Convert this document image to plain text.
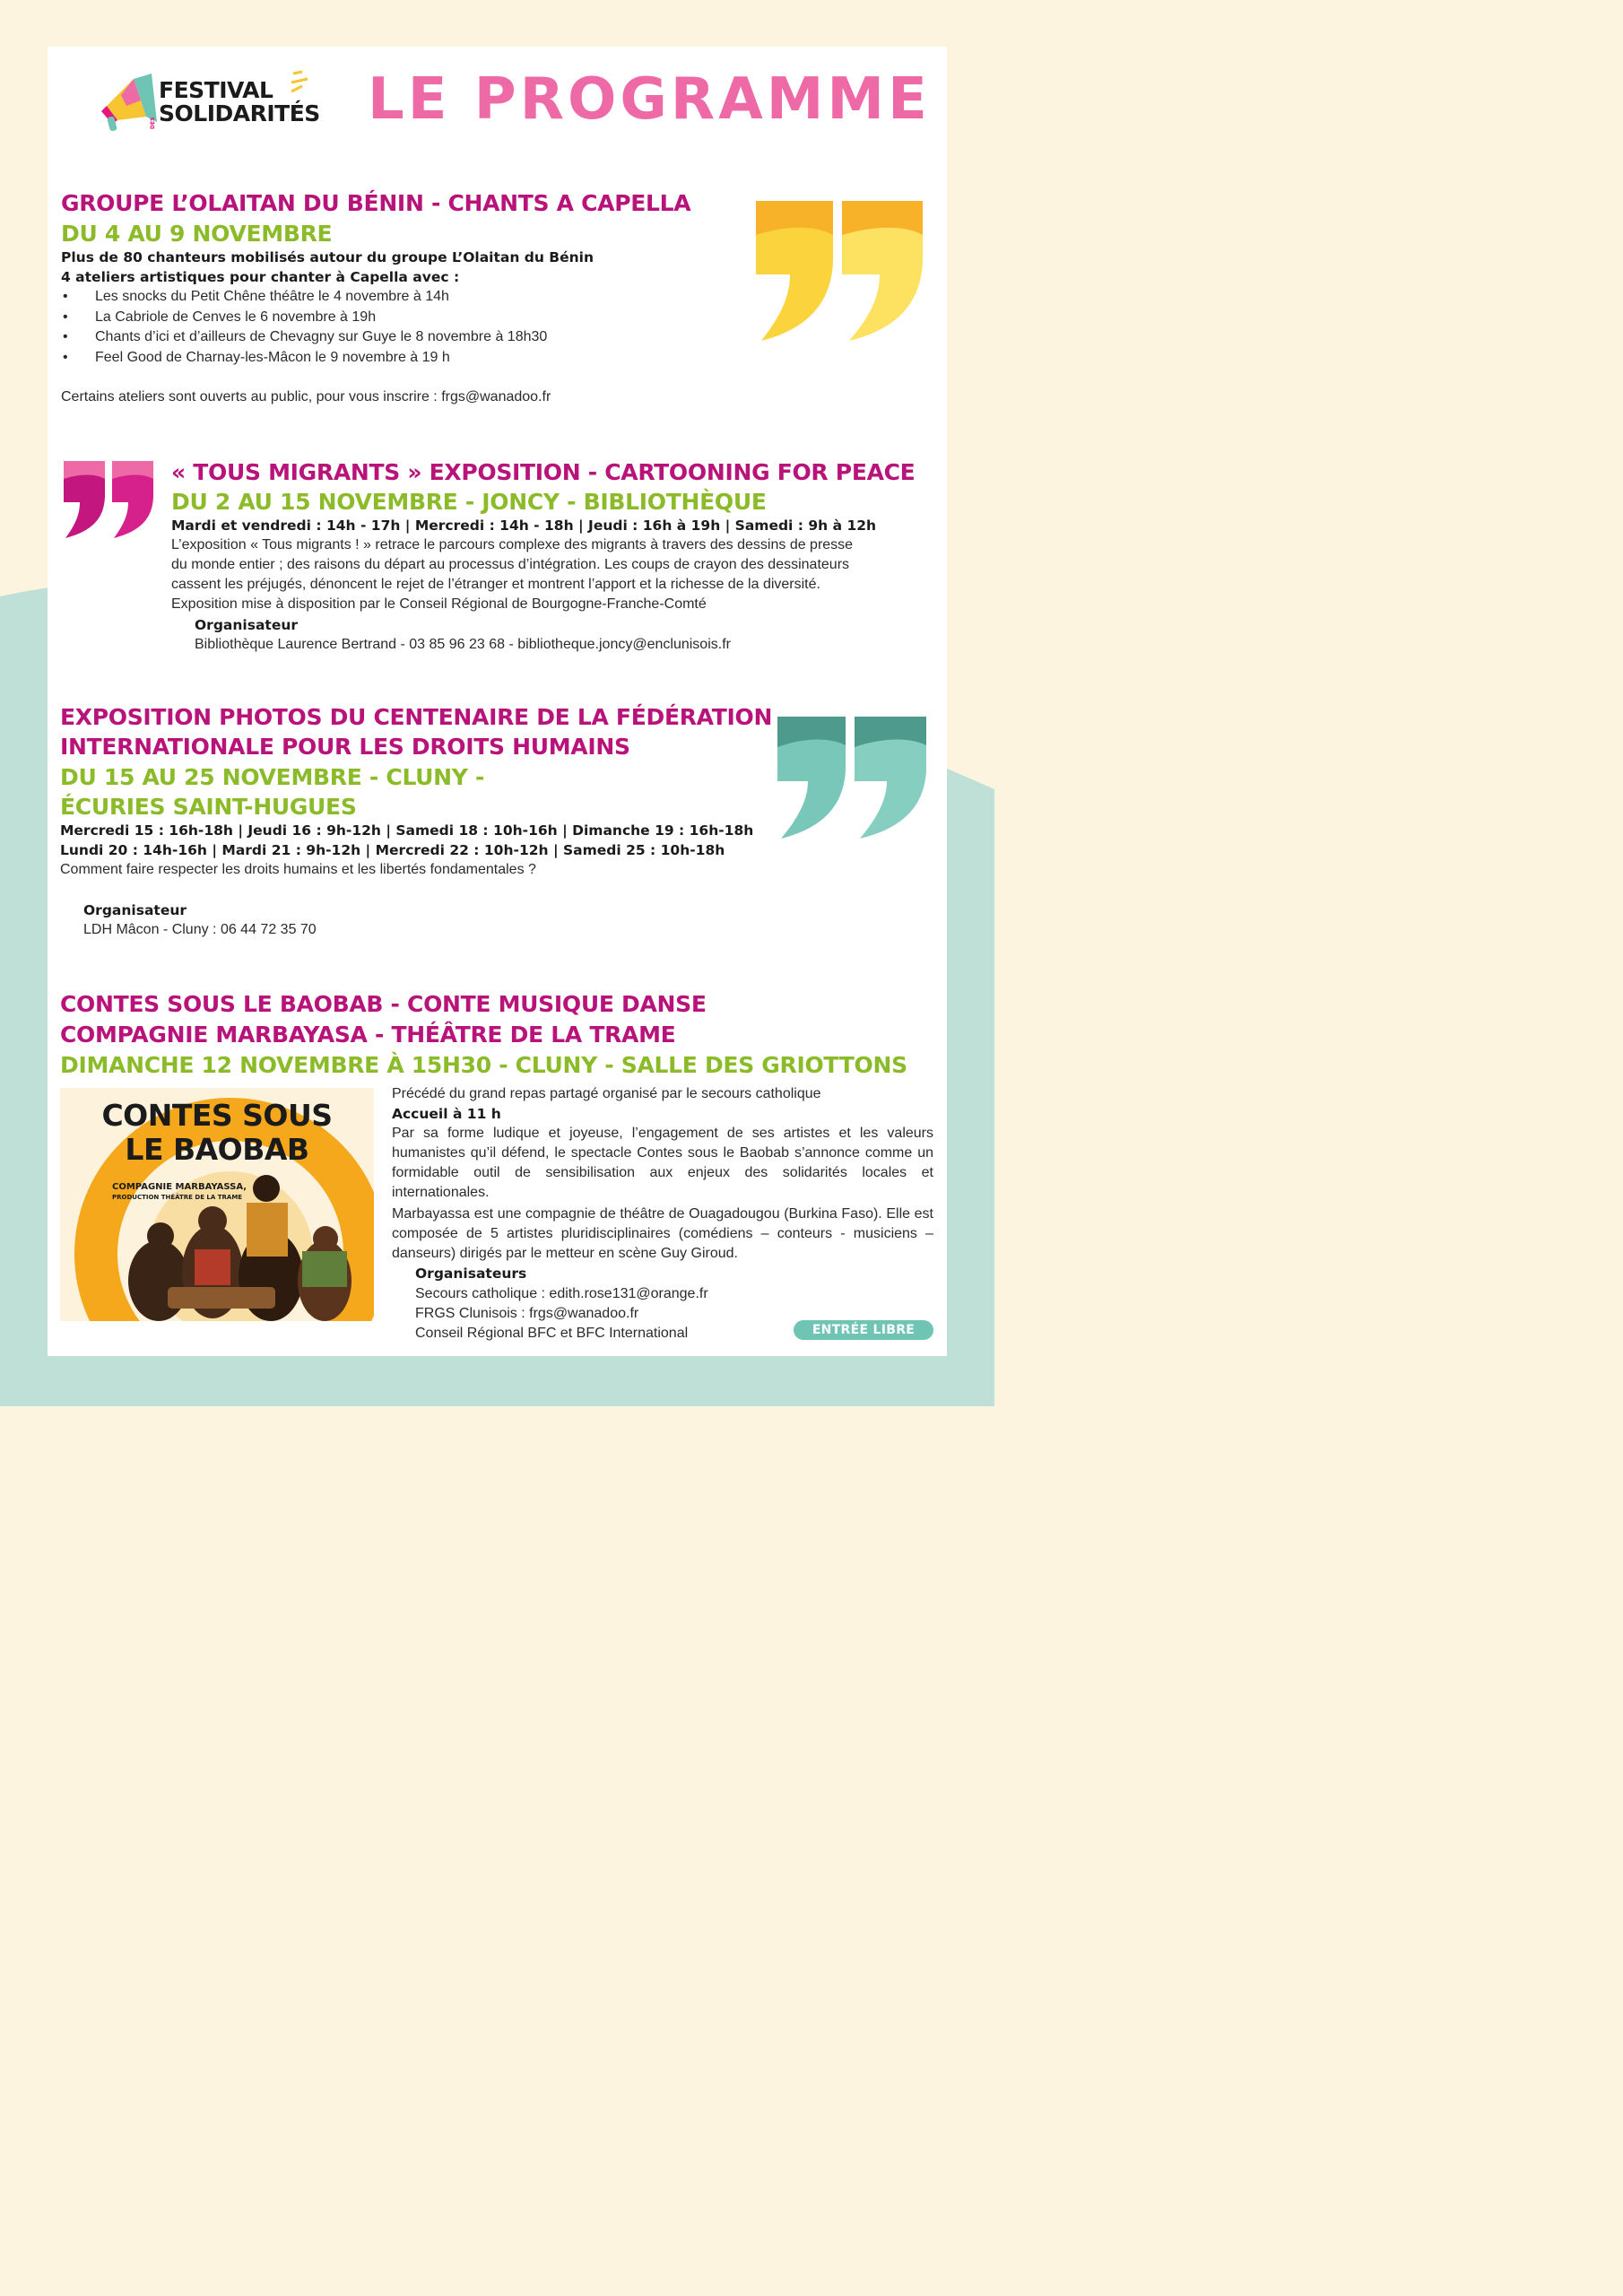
FESTIVAL
DES SOLIDARITÉS LE PROGRAMME
GROUPE L’OLAITAN DU BÉNIN - CHANTS A CAPELLA
DU 4 AU 9 NOVEMBRE
Plus de 80 chanteurs mobilisés autour du groupe L’Olaitan du Bénin
4 ateliers artistiques pour chanter à Capella avec :
• Les snocks du Petit Chêne théâtre le 4 novembre à 14h
• La Cabriole de Cenves le 6 novembre à 19h
• Chants d’ici et d’ailleurs de Chevagny sur Guye le 8 novembre à 18h30
• Feel Good de Charnay-les-Mâcon le 9 novembre à 19 h
Certains ateliers sont ouverts au public, pour vous inscrire : frgs@wanadoo.fr
« TOUS MIGRANTS » EXPOSITION - CARTOONING FOR PEACE
DU 2 AU 15 NOVEMBRE - JONCY - BIBLIOTHÈQUE
Mardi et vendredi : 14h - 17h | Mercredi : 14h - 18h | Jeudi : 16h à 19h | Samedi : 9h à 12h
L’exposition « Tous migrants ! » retrace le parcours complexe des migrants à travers des dessins de presse
du monde entier ; des raisons du départ au processus d’intégration. Les coups de crayon des dessinateurs
cassent les préjugés, dénoncent le rejet de l’étranger et montrent l’apport et la richesse de la diversité.
Exposition mise à disposition par le Conseil Régional de Bourgogne-Franche-Comté
Organisateur
Bibliothèque Laurence Bertrand - 03 85 96 23 68 - bibliotheque.joncy@enclunisois.fr
EXPOSITION PHOTOS DU CENTENAIRE DE LA FÉDÉRATION
INTERNATIONALE POUR LES DROITS HUMAINS
DU 15 AU 25 NOVEMBRE - CLUNY -
ÉCURIES SAINT-HUGUES
Mercredi 15 : 16h-18h | Jeudi 16 : 9h-12h | Samedi 18 : 10h-16h | Dimanche 19 : 16h-18h
Lundi 20 : 14h-16h | Mardi 21 : 9h-12h | Mercredi 22 : 10h-12h | Samedi 25 : 10h-18h
Comment faire respecter les droits humains et les libertés fondamentales ?
Organisateur
LDH Mâcon - Cluny : 06 44 72 35 70
CONTES SOUS LE BAOBAB - CONTE MUSIQUE DANSE
COMPAGNIE MARBAYASA - THÉÂTRE DE LA TRAME
DIMANCHE 12 NOVEMBRE À 15H30 - CLUNY - SALLE DES GRIOTTONS
CONTES SOUS
LE BAOBAB
COMPAGNIE MARBAYASSA,
PRODUCTION THÉÂTRE DE LA TRAME
Précédé du grand repas partagé organisé par le secours catholique
Accueil à 11 h
Par sa forme ludique et joyeuse, l’engagement de ses artistes et les valeurs humanistes qu’il défend, le spectacle Contes sous le Baobab s’annonce comme un formidable outil de sensibilisation aux enjeux des solidarités locales et internationales.
Marbayassa est une compagnie de théâtre de Ouagadougou (Burkina Faso). Elle est composée de 5 artistes pluridisciplinaires (comédiens – conteurs - musiciens – danseurs) dirigés par le metteur en scène Guy Giroud.
Organisateurs
Secours catholique : edith.rose131@orange.fr
FRGS Clunisois : frgs@wanadoo.fr
Conseil Régional BFC et BFC International	ENTRÉE LIBRE
